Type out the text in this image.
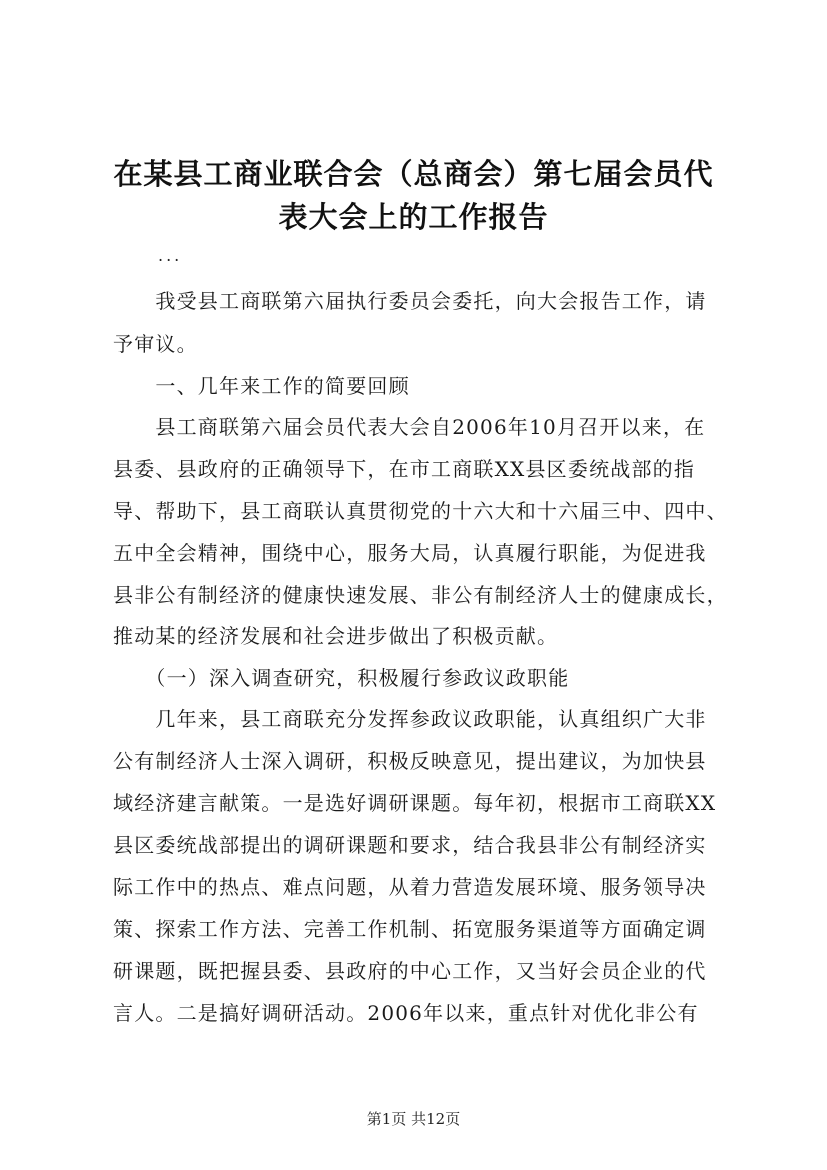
在某县工商业联合会（总商会）第七届会员代
表大会上的工作报告
...
　　我受县工商联第六届执行委员会委托，向大会报告工作，请
予审议。
　　一、几年来工作的简要回顾
　　县工商联第六届会员代表大会自2006年10月召开以来，在
县委、县政府的正确领导下，在市工商联XX县区委统战部的指
导、帮助下，县工商联认真贯彻党的十六大和十六届三中、四中、
五中全会精神，围绕中心，服务大局，认真履行职能，为促进我
县非公有制经济的健康快速发展、非公有制经济人士的健康成长，
推动某的经济发展和社会进步做出了积极贡献。
　　（一）深入调查研究，积极履行参政议政职能
　　几年来，县工商联充分发挥参政议政职能，认真组织广大非
公有制经济人士深入调研，积极反映意见，提出建议，为加快县
域经济建言献策。一是选好调研课题。每年初，根据市工商联XX
县区委统战部提出的调研课题和要求，结合我县非公有制经济实
际工作中的热点、难点问题，从着力营造发展环境、服务领导决
策、探索工作方法、完善工作机制、拓宽服务渠道等方面确定调
研课题，既把握县委、县政府的中心工作，又当好会员企业的代
言人。二是搞好调研活动。2006年以来，重点针对优化非公有
第1页 共12页
